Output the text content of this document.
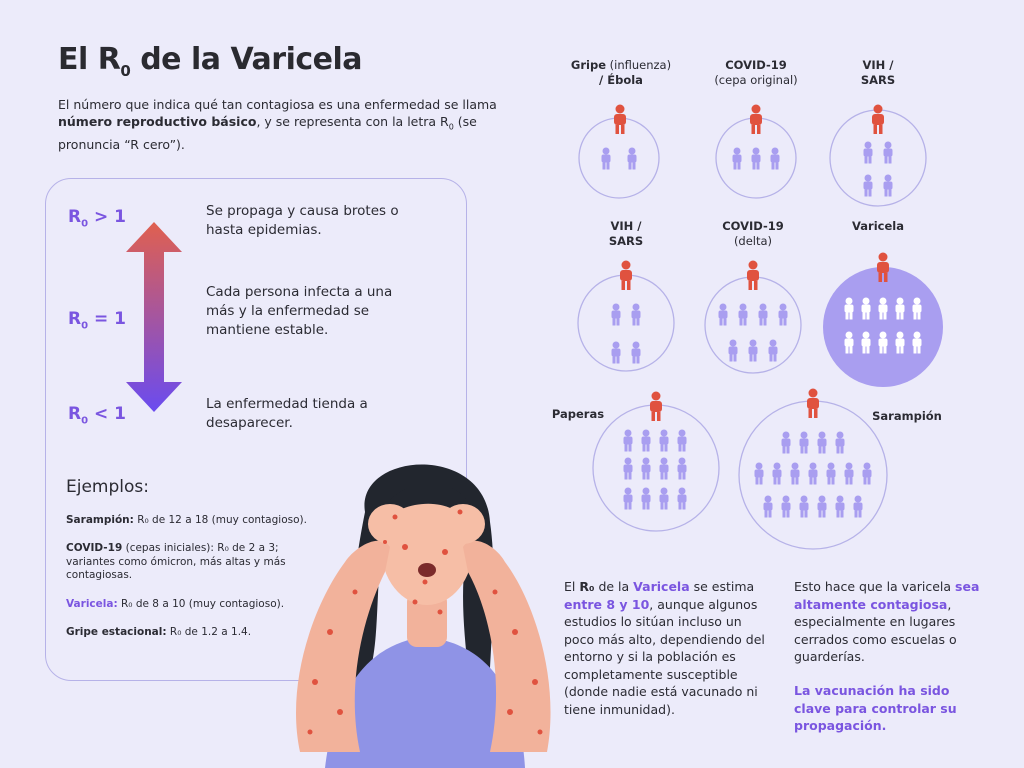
El $R_0$ de la Varicela
El número que indica qué tan contagiosa es una enfermedad se llama número reproductivo básico, y se representa con la letra $R_0$ (se pronuncia “R cero”).
$R_0 > 1$
$R_0 = 1$
$R_0 < 1$
Se propaga y causa brotes o hasta epidemias.
Cada persona infecta a una más y la enfermedad se mantiene estable.
La enfermedad tienda a desaparecer.
Ejemplos:
Sarampión: R₀ de 12 a 18 (muy contagioso).
COVID-19 (cepas iniciales): R₀ de 2 a 3; variantes como ómicron, más altas y más contagiosas.
Varicela: R₀ de 8 a 10 (muy contagioso).
Gripe estacional: R₀ de 1.2 a 1.4.
Gripe (influenza)
/ Ébola
COVID-19
(cepa original)
VIH /
SARS
VIH /
SARS
COVID-19
(delta)
Varicela
Paperas	Sarampión
El R₀ de la Varicela se estima entre 8 y 10, aunque algunos estudios lo sitúan incluso un poco más alto, dependiendo del entorno y si la población es completamente susceptible (donde nadie está vacunado ni tiene inmunidad).
Esto hace que la varicela sea altamente contagiosa, especialmente en lugares cerrados como escuelas o guarderías.
La vacunación ha sido clave para controlar su propagación.
